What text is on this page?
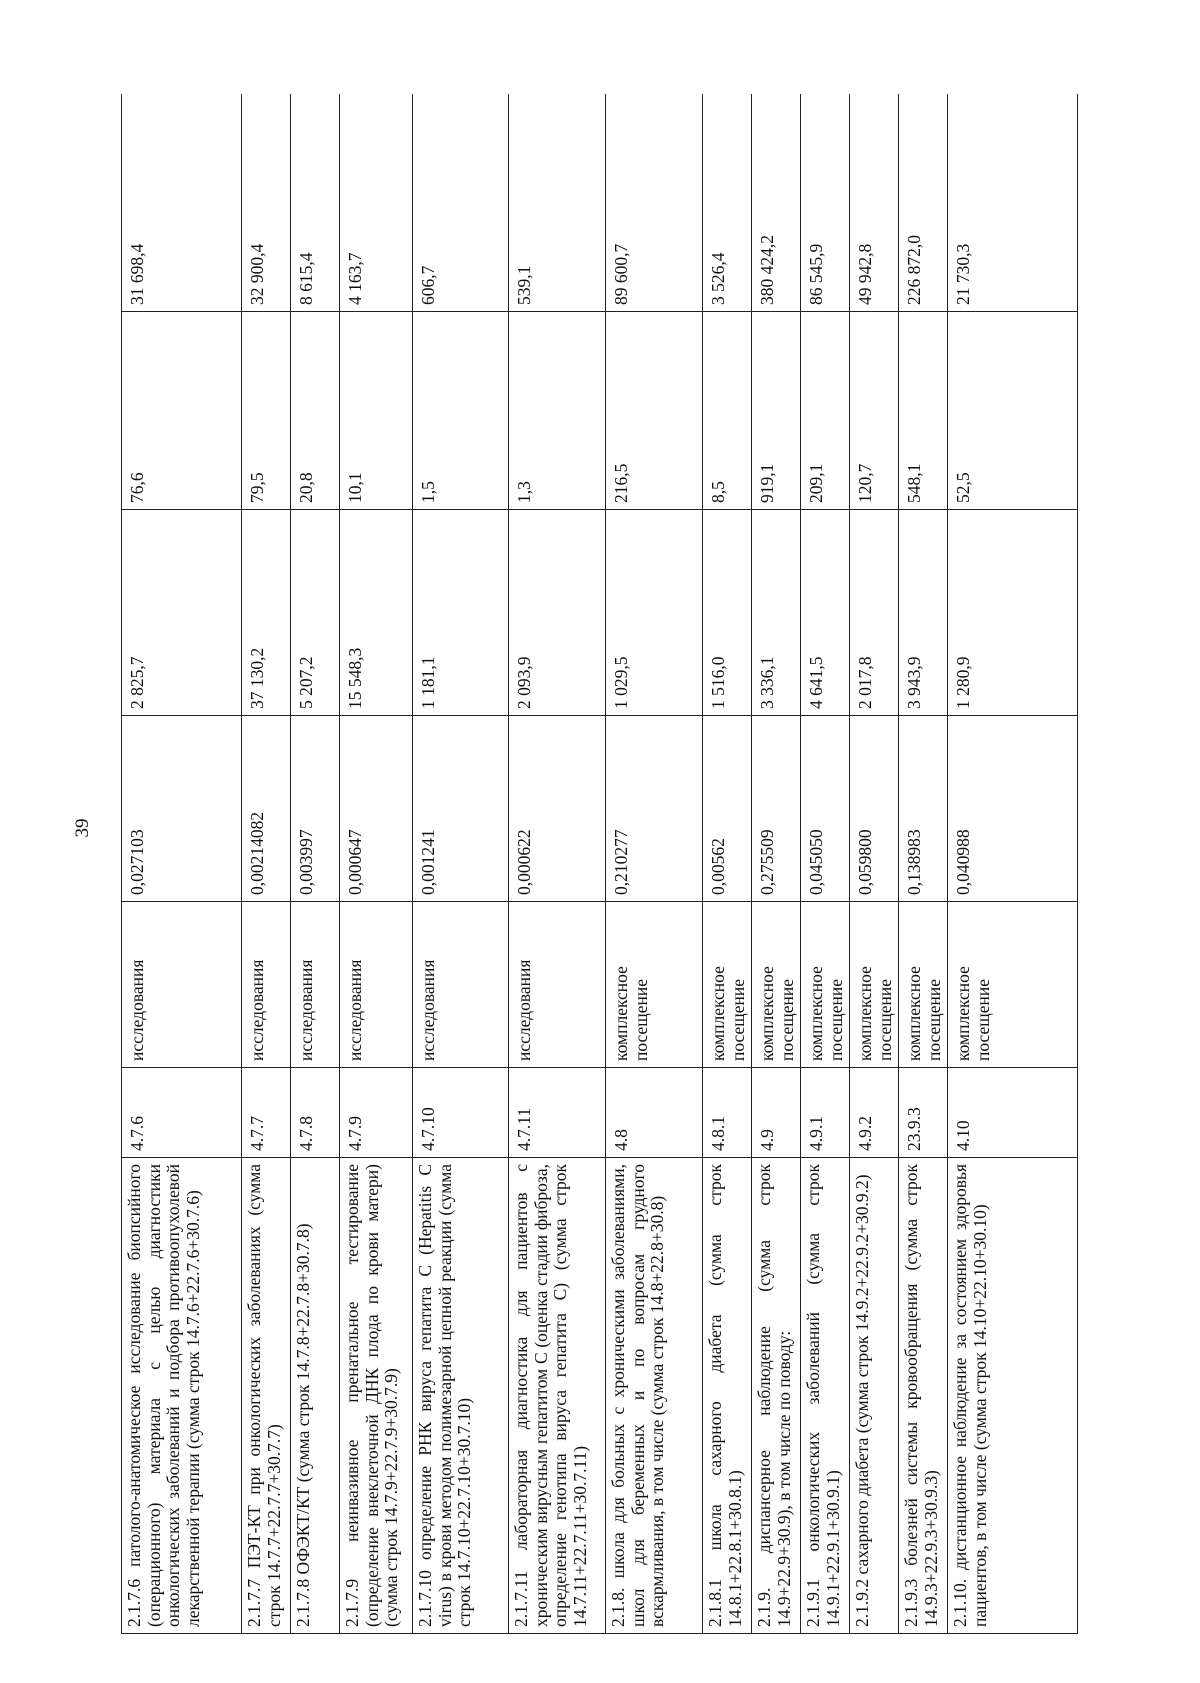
39
2.1.7.6 патолого-анатомическое исследование биопсийного (операционного) материала с целью диагностики онкологических заболеваний и подбора противоопухолевой лекарственной терапии (сумма строк 14.7.6+22.7.6+30.7.6)	4.7.6	исследования	0,027103	2 825,7	76,6	31 698,4
2.1.7.7 ПЭТ-КТ при онкологических заболеваниях (сумма строк 14.7.7+22.7.7+30.7.7)	4.7.7	исследования	0,0021408​2	37 130,2	79,5	32 900,4
2.1.7.8 ОФЭКТ/КТ (сумма строк 14.7.8+22.7.8+30.7.8)	4.7.8	исследования	0,003997	5 207,2	20,8	8 615,4
2.1.7.9 неинвазивное пренатальное тестирование (определение внеклеточной ДНК плода по крови матери) (сумма строк 14.7.9+22.7.9+30.7.9)	4.7.9	исследования	0,000647	15 548,3	10,1	4 163,7
2.1.7.10 определение РНК вируса гепатита С (Hepatitis C virus) в крови методом полимезарной цепной реакции (сумма строк 14.7.10+22.7.10+30.7.10)	4.7.10	исследования	0,001241	1 181,1	1,5	606,7
2.1.7.11 лабораторная диагностика для пациентов с хроническим вирусным гепатитом С (оценка стадии фиброза, определение генотипа вируса гепатита С) (сумма строк 14.7.11+22.7.11+30.7.11)	4.7.11	исследования	0,000622	2 093,9	1,3	539,1
2.1.8. школа для больных с хроническими заболеваниями, школ для беременных и по вопросам грудного вскармливания, в том числе (сумма строк 14.8+22.8+30.8)	4.8	комплексное посещение	0,210277	1 029,5	216,5	89 600,7
2.1.8.1 школа сахарного диабета (сумма строк 14.8.1+22.8.1+30.8.1)	4.8.1	комплексное посещение	0,00562	1 516,0	8,5	3 526,4
2.1.9. диспансерное наблюдение (сумма строк 14.9+22.9+30.9), в том числе по поводу:	4.9	комплексное посещение	0,275509	3 336,1	919,1	380 424,2
2.1.9.1 онкологических заболеваний (сумма строк 14.9.1+22.9.1+30.9.1)	4.9.1	комплексное посещение	0,045050	4 641,5	209,1	86 545,9
2.1.9.2 сахарного диабета (сумма строк 14.9.2+22.9.2+30.9.2)	4.9.2	комплексное посещение	0,059800	2 017,8	120,7	49 942,8
2.1.9.3 болезней системы кровообращения (сумма строк 14.9.3+22.9.3+30.9.3)	23.9.3	комплексное посещение	0,138983	3 943,9	548,1	226 872,0
2.1.10. дистанционное наблюдение за состоянием здоровья пациентов, в том числе (сумма строк 14.10+22.10+30.10)	4.10	комплексное посещение	0,040988	1 280,9	52,5	21 730,3
